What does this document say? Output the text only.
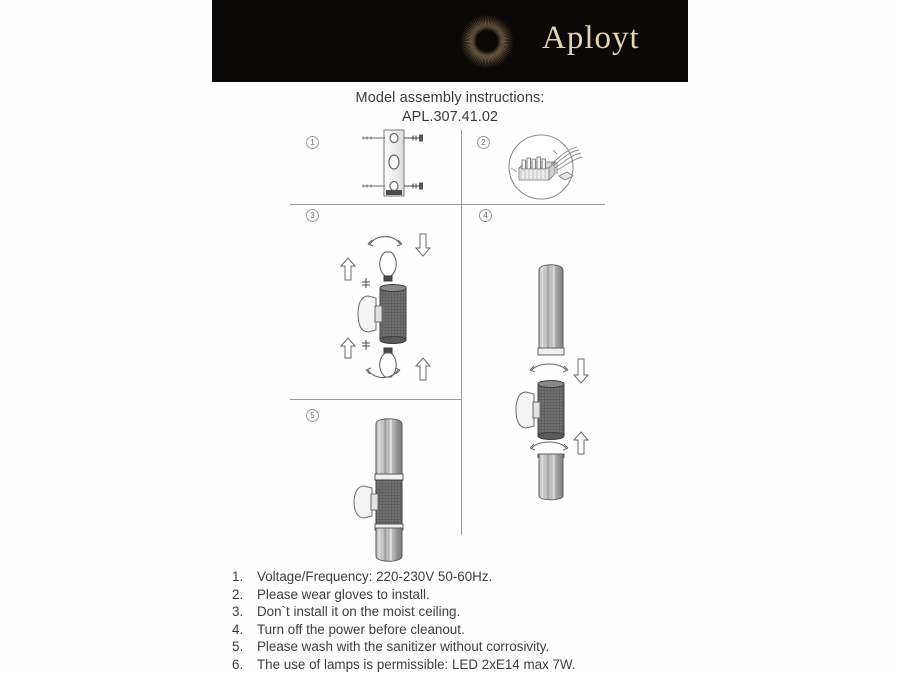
Aployt
Model assembly instructions:
APL.307.41.02
1	2
3	4
5
1.	Voltage/Frequency: 220-230V 50-60Hz.
2.	Please wear gloves to install.
3.	Don`t install it on the moist ceiling.
4.	Turn off the power before cleanout.
5.	Please wash with the sanitizer without corrosivity.
6.	The use of lamps is permissible: LED 2xE14 max 7W.
